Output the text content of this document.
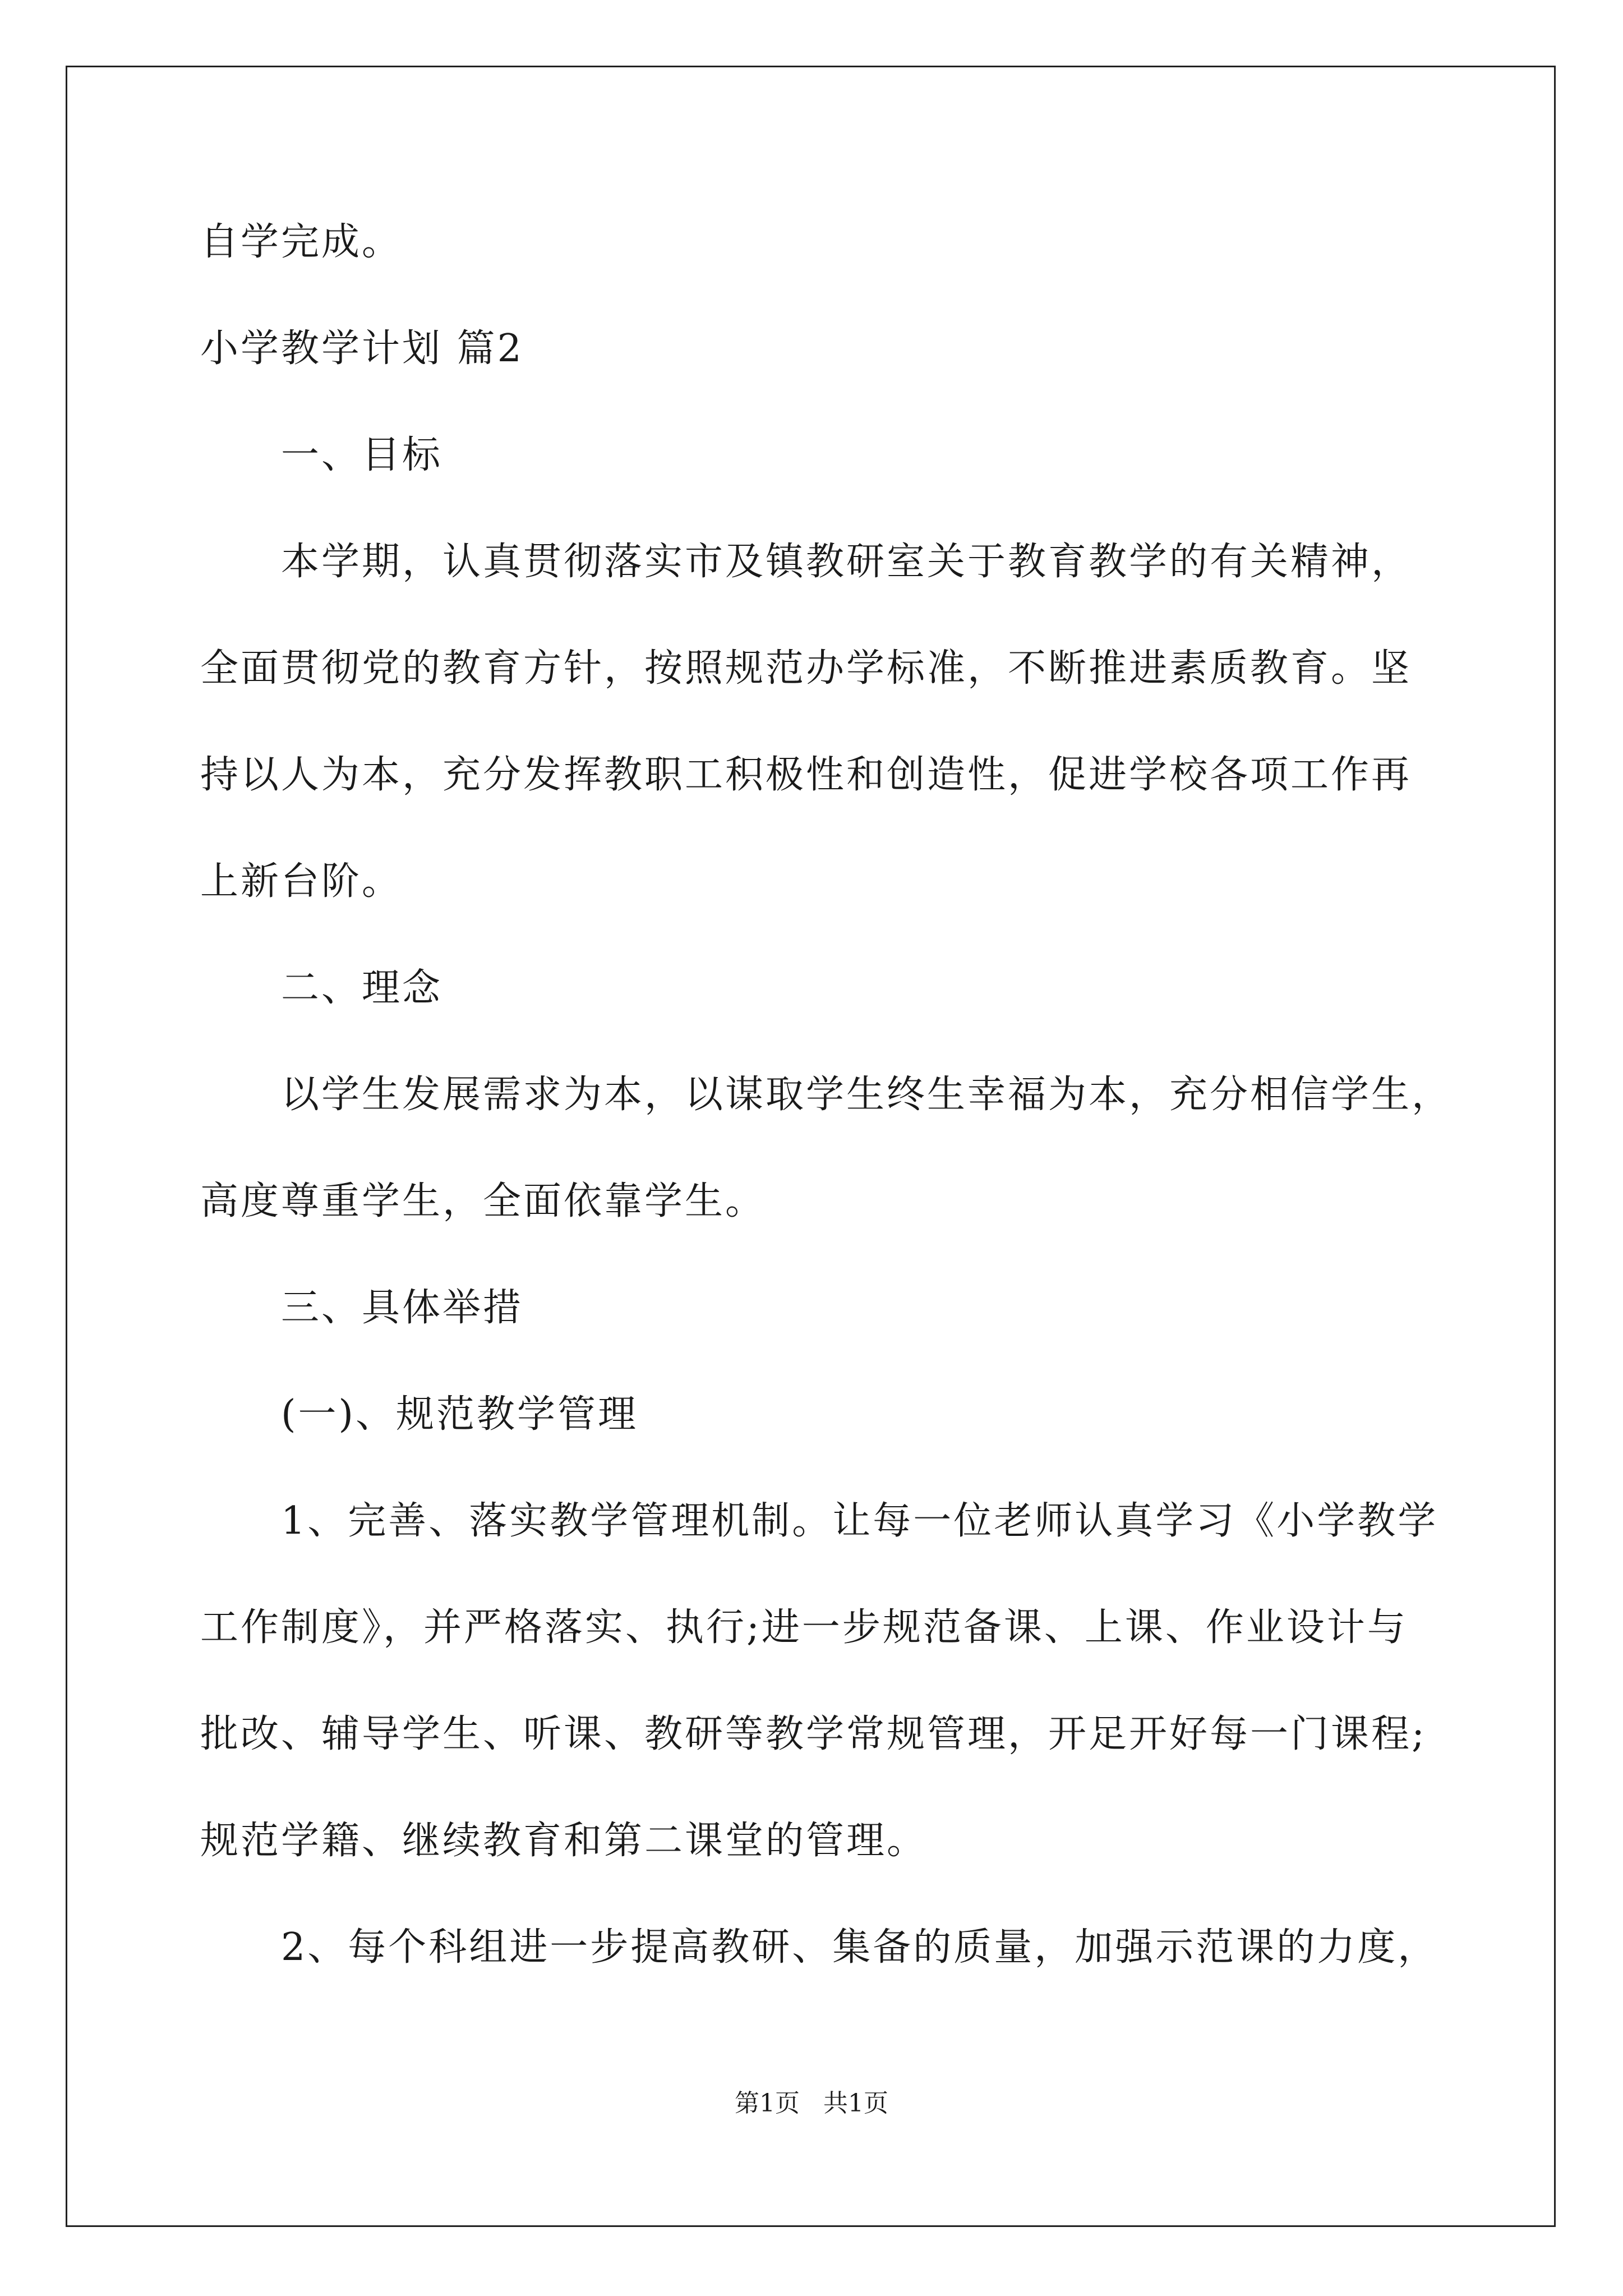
自学完成。
小学教学计划 篇2
　　一、目标
　　本学期，认真贯彻落实市及镇教研室关于教育教学的有关精神，
全面贯彻党的教育方针，按照规范办学标准，不断推进素质教育。坚
持以人为本，充分发挥教职工积极性和创造性，促进学校各项工作再
上新台阶。
　　二、理念
　　以学生发展需求为本，以谋取学生终生幸福为本，充分相信学生，
高度尊重学生，全面依靠学生。
　　三、具体举措
　　(一)、规范教学管理
　　1、完善、落实教学管理机制。让每一位老师认真学习《小学教学
工作制度》，并严格落实、执行;进一步规范备课、上课、作业设计与
批改、辅导学生、听课、教研等教学常规管理，开足开好每一门课程;
规范学籍、继续教育和第二课堂的管理。
　　2、每个科组进一步提高教研、集备的质量，加强示范课的力度，
第1页   共1页
